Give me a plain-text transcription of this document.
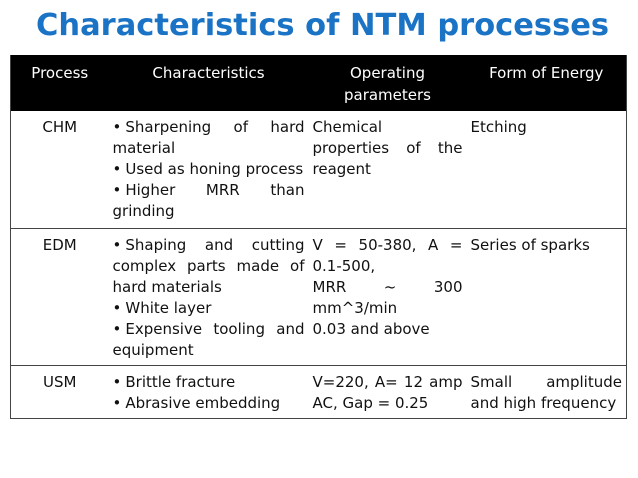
Characteristics of NTM processes
Process	Characteristics	Operating parameters	Form of Energy
CHM	• Sharpening of hard material
• Used as honing process
• Higher MRR than grinding	Chemical properties of the reagent	Etching
EDM	• Shaping and cutting complex parts made of hard materials
• White layer
• Expensive tooling and equipment	V = 50-380, A = 0.1-500,
MRR ~ 300 mm^3/min
0.03 and above	Series of sparks
USM	• Brittle fracture
• Abrasive embedding	V=220, A= 12 amp AC, Gap = 0.25	Small amplitude and high frequency
